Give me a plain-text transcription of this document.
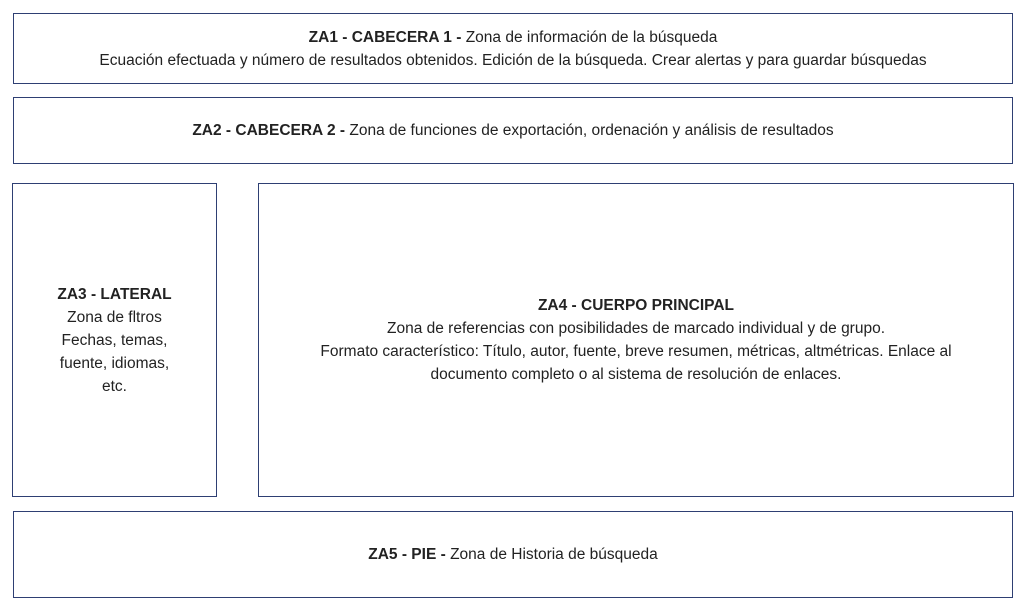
ZA1 - CABECERA 1 - Zona de información de la búsqueda
Ecuación efectuada y número de resultados obtenidos. Edición de la búsqueda. Crear alertas y para guardar búsquedas
ZA2 - CABECERA 2 - Zona de funciones de exportación, ordenación y análisis de resultados
ZA3 - LATERAL
Zona de fltros
Fechas, temas,
fuente, idiomas,
etc.
ZA4 - CUERPO PRINCIPAL
Zona de referencias con posibilidades de marcado individual y de grupo.
Formato característico: Título, autor, fuente, breve resumen, métricas, altmétricas. Enlace al documento completo o al sistema de resolución de enlaces.
ZA5 - PIE - Zona de Historia de búsqueda
